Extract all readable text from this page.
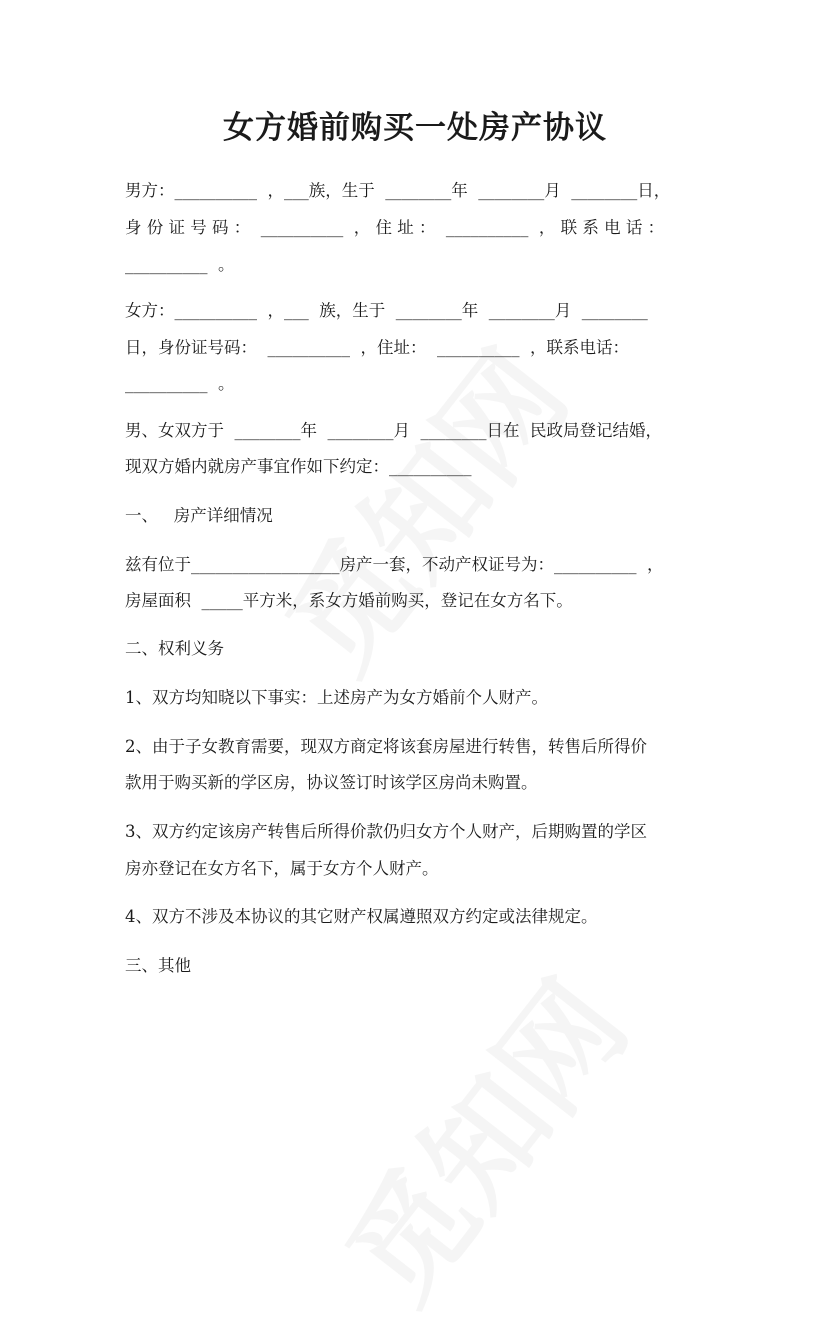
女方婚前购买一处房产协议
男方：__________  ，___族，生于  ________年  ________月  ________日，
身 份 证 号 码 ：  __________  ， 住 址 ：  __________  ， 联 系 电 话 ：
__________  。
女方：__________  ，___  族，生于  ________年  ________月  ________
日，身份证号码：  __________  ，住址：  __________  ，联系电话：
__________  。
男、女双方于  ________年  ________月  ________日在  民政局登记结婚，
现双方婚内就房产事宜作如下约定：__________
一、   房产详细情况
兹有位于__________________房产一套，不动产权证号为：__________  ，
房屋面积  _____平方米，系女方婚前购买，登记在女方名下。
二、权利义务
1、双方均知晓以下事实：上述房产为女方婚前个人财产。
2、由于子女教育需要，现双方商定将该套房屋进行转售，转售后所得价
款用于购买新的学区房，协议签订时该学区房尚未购置。
3、双方约定该房产转售后所得价款仍归女方个人财产，后期购置的学区
房亦登记在女方名下，属于女方个人财产。
4、双方不涉及本协议的其它财产权属遵照双方约定或法律规定。
三、其他
